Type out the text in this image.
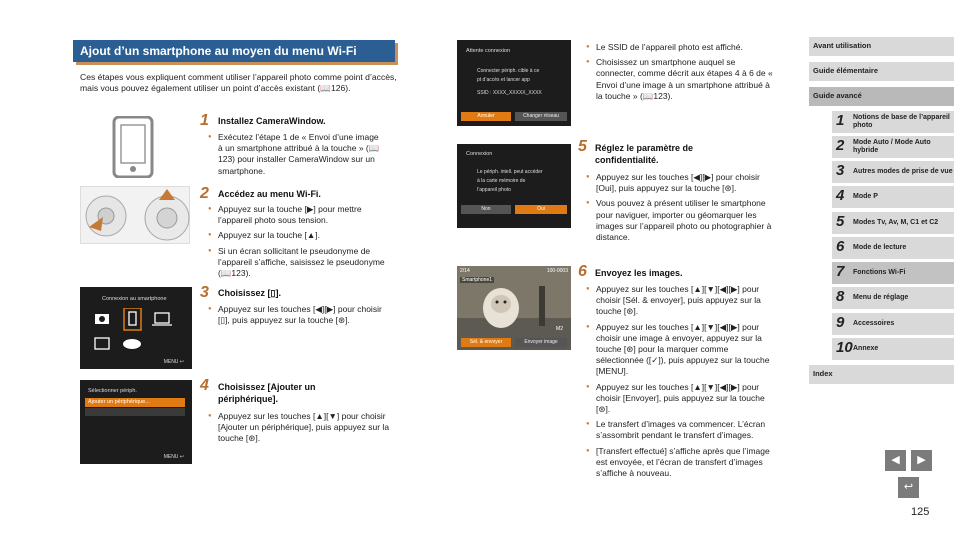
Ajout d’un smartphone au moyen du menu Wi-Fi
Ces étapes vous expliquent comment utiliser l’appareil photo comme point d’accès, mais vous pouvez également utiliser un point d’accès existant (📖126).
1 Installez CameraWindow.
● Exécutez l’étape 1 de « Envoi d’une image à un smartphone attribué à la touche » (📖123) pour installer CameraWindow sur un smartphone.
2 Accédez au menu Wi-Fi.
● Appuyez sur la touche [▶] pour mettre l’appareil photo sous tension.
● Appuyez sur la touche [▲].
● Si un écran sollicitant le pseudonyme de l’appareil s’affiche, saisissez le pseudonyme (📖123).
Connexion au smartphone
MENU ↩
3 Choisissez [▯].
● Appuyez sur les touches [◀][▶] pour choisir [▯], puis appuyez sur la touche [⊛].
Sélectionner périph.
Ajouter un périphérique...
MENU ↩
4 Choisissez [Ajouter un périphérique].
● Appuyez sur les touches [▲][▼] pour choisir [Ajouter un périphérique], puis appuyez sur la touche [⊛].
Attente connexion
Connecter périph. cible à ce
pt d’accès et lancer app
SSID : XXXX_XXXXX_XXXX
Annuler	Changer réseau
● Le SSID de l’appareil photo est affiché.
● Choisissez un smartphone auquel se connecter, comme décrit aux étapes 4 à 6 de « Envoi d’une image à un smartphone attribué à la touche » (📖123).
Connexion
Le périph. intell. peut accéder
à la carte mémoire de
l’appareil photo
Non	Oui
5 Réglez le paramètre de confidentialité.
● Appuyez sur les touches [◀][▶] pour choisir [Oui], puis appuyez sur la touche [⊛].
● Vous pouvez à présent utiliser le smartphone pour naviguer, importer ou géomarquer les images sur l’appareil photo ou photographier à distance.
2/14
Smartphone1
100-0003
M2
Sél. & envoyer	Envoyer image
6 Envoyez les images.
● Appuyez sur les touches [▲][▼][◀][▶] pour choisir [Sél. & envoyer], puis appuyez sur la touche [⊛].
● Appuyez sur les touches [▲][▼][◀][▶] pour choisir une image à envoyer, appuyez sur la touche [⊛] pour la marquer comme sélectionnée ([✓]), puis appuyez sur la touche [MENU].
● Appuyez sur les touches [▲][▼][◀][▶] pour choisir [Envoyer], puis appuyez sur la touche [⊛].
● Le transfert d’images va commencer. L’écran s’assombrit pendant le transfert d’images.
● [Transfert effectué] s’affiche après que l’image est envoyée, et l’écran de transfert d’images s’affiche à nouveau.
Avant utilisation
Guide élémentaire
Guide avancé
1 Notions de base de l’appareil photo
2 Mode Auto / Mode Auto hybride
3 Autres modes de prise de vue
4 Mode P
5 Modes Tv, Av, M, C1 et C2
6 Mode de lecture
7 Fonctions Wi-Fi
8 Menu de réglage
9 Accessoires
10 Annexe
Index
◀	▶
↩
125
